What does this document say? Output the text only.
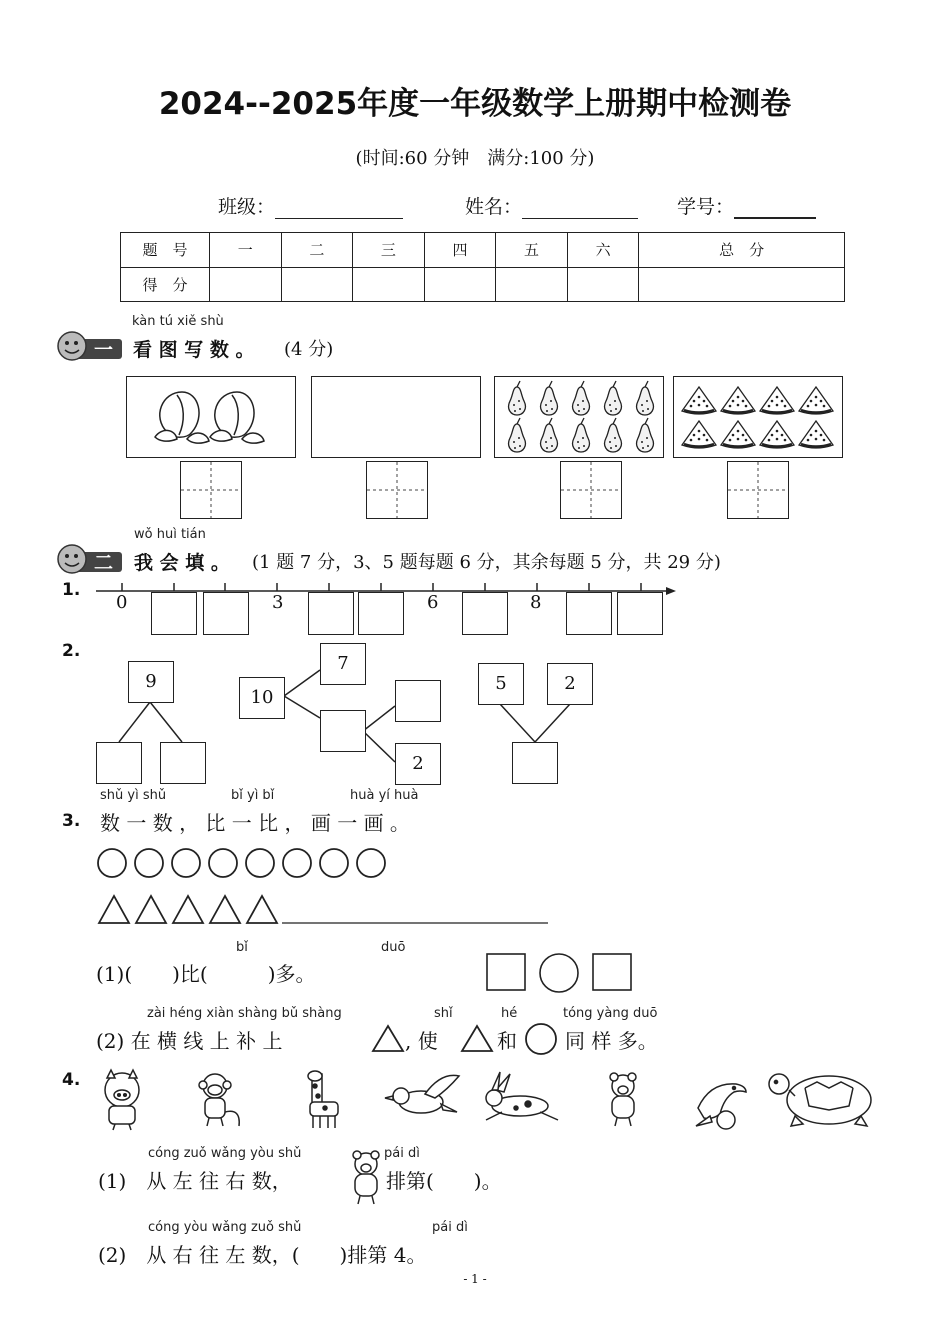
2024--2025年度一年级数学上册期中检测卷
(时间:60 分钟　满分:100 分)
班级：	姓名：	学号：
题　号	一	二	三	四	五	六	总　分
得　分							
kàn tú xiě shù
一 看 图 写 数 。 (4 分)
wǒ huì tián
二 我 会 填 。 (1 题 7 分，3、5 题每题 6 分，其余每题 5 分，共 29 分)
1.
0	3	6	8
2.
9
10
7
2
5	2
shǔ yì shǔ	bǐ yì bǐ	huà yí huà
3. 数 一 数 ， 比 一 比 ， 画 一 画 。
bǐ	duō
(1)(　　)比(　　　)多。
zài héng xiàn shàng bǔ shàng	shǐ	hé	tóng yàng duō
(2) 在 横 线 上 补 上	, 使	和 同 样 多。
4.
cóng zuǒ wǎng yòu shǔ	pái dì
(1)　从 左 往 右 数，	排第(　　)。
cóng yòu wǎng zuǒ shǔ	pái dì
(2)　从 右 往 左 数，(　　)排第 4。
- 1 -
